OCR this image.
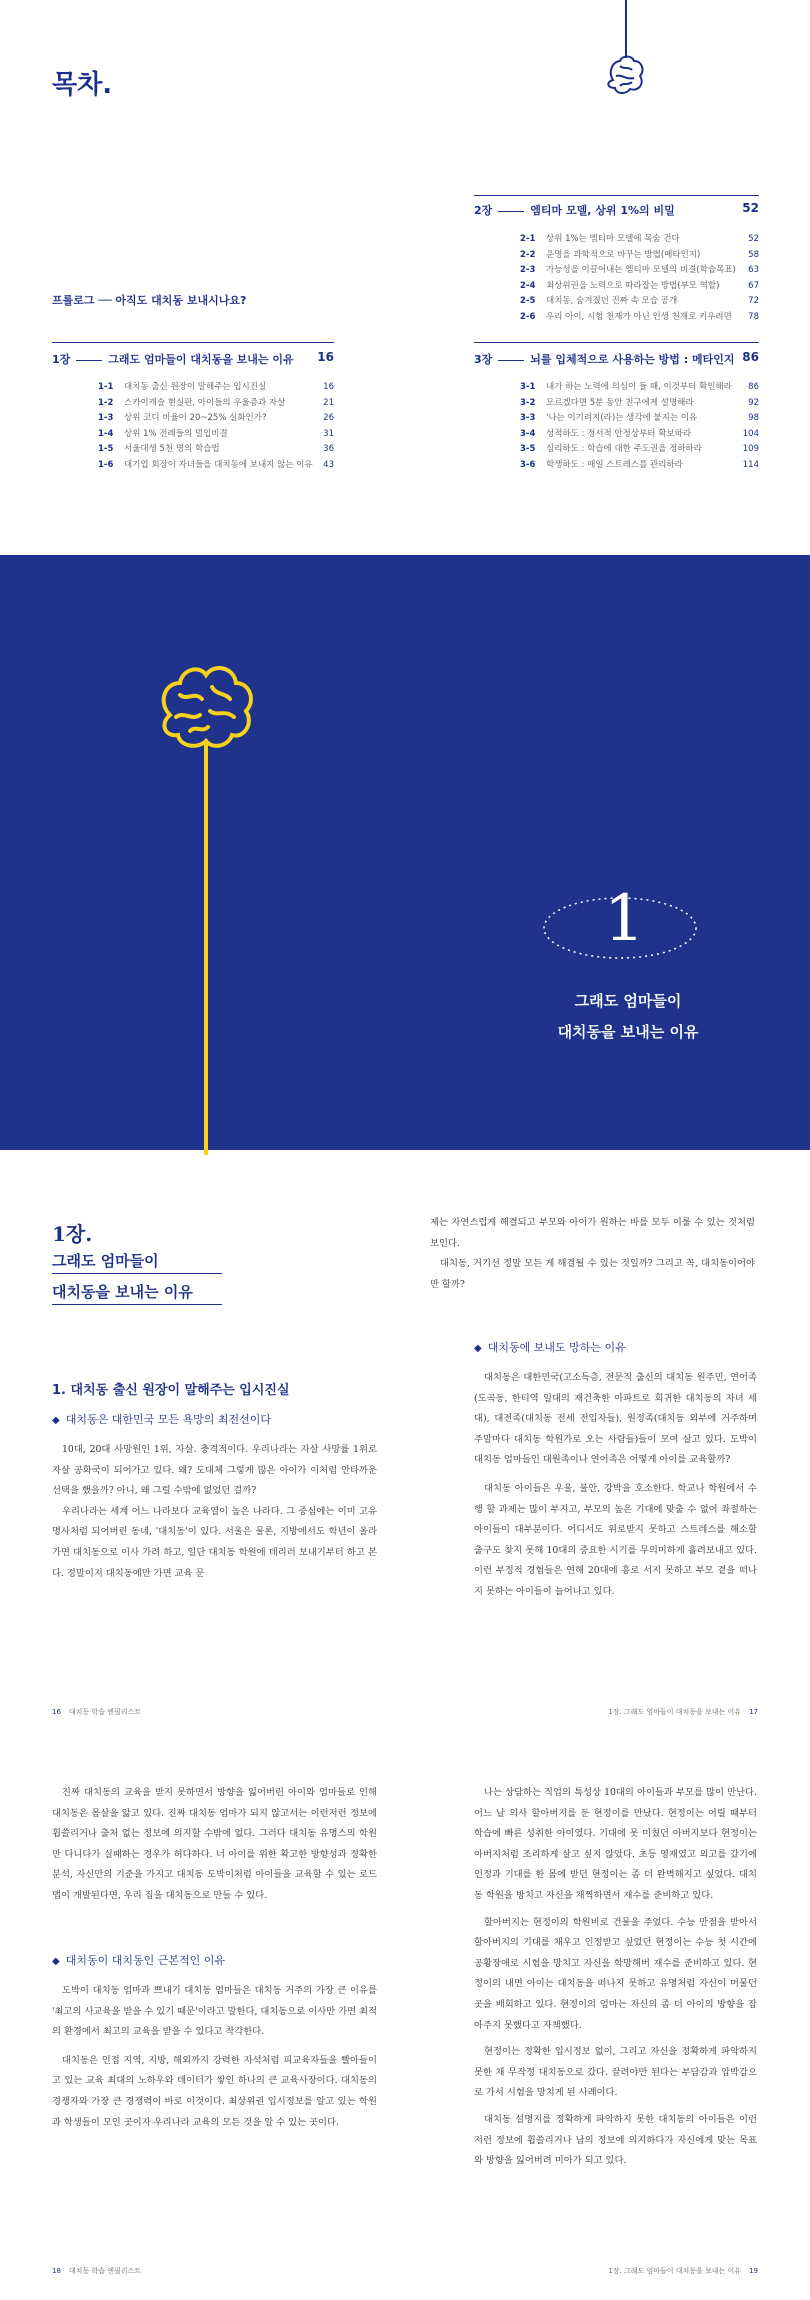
목차.
프롤로그 ── 아직도 대치동 보내시나요?
1장	그래도 엄마들이 대치동을 보내는 이유	16
1-1 대치동 출신 원장이 말해주는 입시진실	16
1-2 스카이캐슬 현실판, 아이들의 우울증과 자살	21
1-3 상위 코디 비율이 20~25% 실화인가?	26
1-4 상위 1% 전례들의 멀입비결	31
1-5 서울대생 5천 명의 학습법	36
1-6 대기업 회장이 자녀들을 대치동에 보내지 않는 이유 43
2장	엠티마 모델, 상위 1%의 비밀	52
2-1 상위 1%는 엠티마 모델에 목숨 건다	52
2-2 운명을 과학적으로 바꾸는 방법(메타인지)	58
2-3 가능성을 이끌어내는 엠티마 모델의 비결(학습목표) 63
2-4 최상위권을 노력으로 따라잡는 방법(부모 역할)	67
2-5 대치동, 숨겨졌던 진짜 속 모습 공개	72
2-6 우리 아이, 시험 천재가 아닌 인생 천재로 키우려면 78
3장	뇌를 입체적으로 사용하는 방법 : 메타인지 86
3-1 내가 하는 노력에 의심이 들 때, 이것부터 확인해라 86
3-2 모르겠다면 5분 동안 친구에게 설명해라	92
3-3 '나는 이기려지(라)는 생각에 붙지는 이유	98
3-4 성적하도 : 정서적 안정상부터 확보하라	104
3-5 심리하도 : 학습에 대한 주도권을 정하하라	109
3-6 학생하도 : 매일 스트레스를 관리하라	114
1
그래도 엄마들이
대치동을 보내는 이유
1장.
그래도 엄마들이
대치동을 보내는 이유
1. 대치동 출신 원장이 말해주는 입시진실
◆ 대치동은 대한민국 모든 욕망의 최전선이다

10대, 20대 사망원인 1위, 자살. 충격적이다. 우리나라는 자살 사망률 1위로 자살 공화국이 되어가고 있다. 왜? 도대체 그렇게 많은 아이가 이처럼 안타까운 선택을 했을까? 아니, 왜 그럴 수밖에 없었던 걸까?

우리나라는 세계 어느 나라보다 교육열이 높은 나라다. 그 중심에는 이미 고유명사처럼 되어버린 동네, '대치동'이 있다. 서울은 물론, 지방에서도 학년이 올라가면 대치동으로 이사 가려 하고, 일단 대치동 학원에 데리러 보내기부터 하고 본다. 정말이지 대치동에만 가면 교육 문

제는 자연스럽게 해결되고 부모와 아이가 원하는 바를 모두 이룰 수 있는 것처럼 보인다.

대치동, 거기선 정말 모든 게 해결될 수 있는 것일까? 그리고 꼭, 대치동이어야만 할까?

◆ 대치동에 보내도 망하는 이유

대치동은 대한민국(고소득층, 전문직 출신의 대치동 원주민, 연어족(도곡동, 한티역 일대의 재건축한 아파트로 회귀한 대치동의 자녀 세대), 대전족(대치동 전세 전입자들), 원정족(대치동 외부에 거주하며 주말마다 대치동 학원가로 오는 사람들)들이 모여 살고 있다. 도박이 대치동 엄마들인 대원족이나 연어족은 어떻게 아이를 교육할까?

대치동 아이들은 우울, 불안, 강박을 호소한다. 학교나 학원에서 수행 할 과제는 많이 부지고, 부모의 높은 기대에 맞출 수 없어 좌절하는 아이들이 대부분이다. 어디서도 위로받지 못하고 스트레스를 해소할 출구도 찾지 못해 10대의 중요한 시기를 무의미하게 흘려보내고 있다. 이런 부정적 경험들은 연해 20대에 흥로 서지 못하고 부모 곁을 떠나지 못하는 아이들이 늘어나고 있다.

16 대치동 학습 엔필리스트	1장. 그래도 엄마들이 대치동을 보내는 이유 17

진짜 대치동의 교육을 받지 못하면서 방향을 잃어버린 아이와 엄마들로 인해 대치동은 몸살을 앓고 있다. 진짜 대치동 엄마가 되지 않고서는 이런저런 정보에 휩쓸리거나 출처 없는 정보에 의지할 수밖에 없다. 그러다 대치동 유명스의 학원만 다니다가 실패하는 경우가 허다하다. 너 아이를 위한 확고한 방향성과 정확한 분석, 자신만의 기준을 가지고 대치동 도박이처럼 아이들을 교육할 수 있는 로드맵이 개발된다면, 우리 집을 대치동으로 만들 수 있다.

◆ 대치동이 대치동인 근본적인 이유

도박이 대치동 엄마과 쁘내기 대치동 엄마들은 대치동 거주의 가장 큰 이유를 '최고의 사교육을 받을 수 있기 때문'이라고 말한다, 대치동으로 이사만 가면 최적의 환경에서 최고의 교육을 받을 수 있다고 착각한다.

대치동은 인접 지역, 지방, 해외까지 강력한 자석처럼 피교육자들을 빨아들이고 있는 교육 최대의 노하우와 데이터가 쌓인 하나의 큰 교육사장이다. 대치동의 경쟁자와 가장 큰 경쟁력이 바로 이것이다. 최상위권 입시정보를 알고 있는 학원과 학생들이 모인 곳이자 우리나라 교육의 모든 것을 알 수 있는 곳이다.

나는 상담하는 직업의 특성상 10대의 아이들과 부모를 많이 만난다. 어느 날 의사 할아버지를 둔 현정이를 만났다. 현정이는 어릴 때부터 학습에 빠른 성취한 아이였다. 기대에 못 미쳤던 아버지보다 현정이는 아버지처럼 조리하게 살고 싶지 않았다. 초등 영재였고 외고를 갔기에 인정과 기대를 한 몸에 받던 현정이는 좀 더 완벽해지고 싶었다. 대치동 학원을 방치고 자신을 채찍하면서 재수를 준비하고 있다.

할아버지는 현정이의 학원비로 건물을 주었다. 수능 만점을 받아서 할아버지의 기대를 채우고 인정받고 싶었던 현정이는 수능 첫 시간에 공황장애로 시험을 망치고 자신을 학망해버 재수를 준비하고 있다. 현정이의 내면 아이는 대치동을 떠나지 못하고 유명처럼 자신이 머물던 곳을 배회하고 있다. 현정이의 엄마는 자신의 좀 더 아이의 방향을 잡아주지 못했다고 자책했다.

현정이는 정확한 입시정보 없이, 그리고 자신을 정확하게 파악하지 못한 채 무작정 대치동으로 갔다. 끌려야만 된다는 부담감과 압박감으로 가서 시험을 망치게 된 사례이다.

대치동 설명지를 정확하게 파악하지 못한 대치동의 아이들은 이런 저런 정보에 휩쓸리거나 남의 정보에 의지하다가 자신에게 맞는 목표와 방향을 잃어버려 미아가 되고 있다.

18 대치동 학습 엔필리스트	1장. 그래도 엄마들이 대치동을 보내는 이유 19
